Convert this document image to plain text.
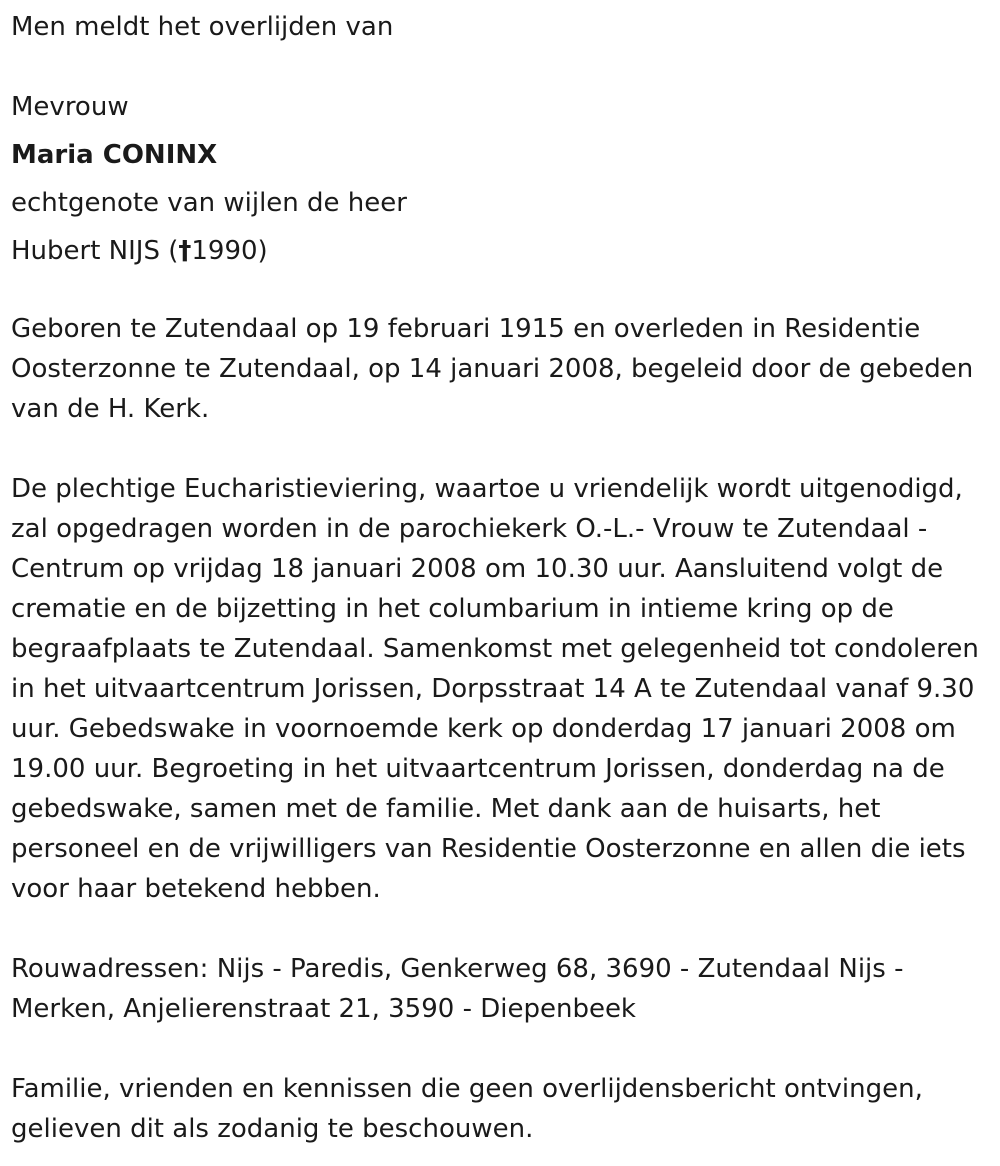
Men meldt het overlijden van
Mevrouw
Maria CONINX
echtgenote van wijlen de heer
Hubert NIJS (†1990)

Geboren te Zutendaal op 19 februari 1915 en overleden in Residentie Oosterzonne te Zutendaal, op 14 januari 2008, begeleid door de gebeden van de H. Kerk.

De plechtige Eucharistieviering, waartoe u vriendelijk wordt uitgenodigd, zal opgedragen worden in de parochiekerk O.-L.- Vrouw te Zutendaal - Centrum op vrijdag 18 januari 2008 om 10.30 uur. Aansluitend volgt de crematie en de bijzetting in het columbarium in intieme kring op de begraafplaats te Zutendaal. Samenkomst met gelegenheid tot condoleren in het uitvaartcentrum Jorissen, Dorpsstraat 14 A te Zutendaal vanaf 9.30 uur. Gebedswake in voornoemde kerk op donderdag 17 januari 2008 om 19.00 uur. Begroeting in het uitvaartcentrum Jorissen, donderdag na de gebedswake, samen met de familie. Met dank aan de huisarts, het personeel en de vrijwilligers van Residentie Oosterzonne en allen die iets voor haar betekend hebben.

Rouwadressen: Nijs - Paredis, Genkerweg 68, 3690 - Zutendaal Nijs - Merken, Anjelierenstraat 21, 3590 - Diepenbeek

Familie, vrienden en kennissen die geen overlijdensbericht ontvingen, gelieven dit als zodanig te beschouwen.
